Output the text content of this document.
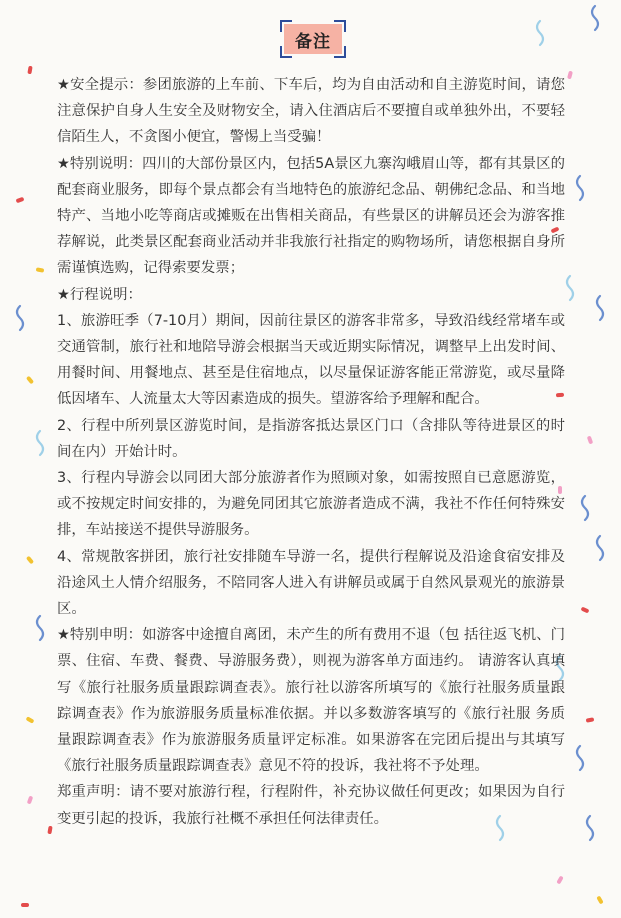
备注

★安全提示：参团旅游的上车前、下车后，均为自由活动和自主游览时间，请您注意保护自身人生安全及财物安全，请入住酒店后不要擅自或单独外出，不要轻信陌生人，不贪图小便宜，警惕上当受骗！

★特别说明：四川的大部份景区内，包括5A景区九寨沟峨眉山等，都有其景区的配套商业服务，即每个景点都会有当地特色的旅游纪念品、朝佛纪念品、和当地特产、当地小吃等商店或摊贩在出售相关商品，有些景区的讲解员还会为游客推荐解说，此类景区配套商业活动并非我旅行社指定的购物场所，请您根据自身所需谨慎选购，记得索要发票；

★行程说明：

1、旅游旺季（7-10月）期间，因前往景区的游客非常多，导致沿线经常堵车或交通管制，旅行社和地陪导游会根据当天或近期实际情况，调整早上出发时间、用餐时间、用餐地点、甚至是住宿地点，以尽量保证游客能正常游览，或尽量降低因堵车、人流量太大等因素造成的损失。望游客给予理解和配合。

2、行程中所列景区游览时间，是指游客抵达景区门口（含排队等待进景区的时间在内）开始计时。

3、行程内导游会以同团大部分旅游者作为照顾对象，如需按照自已意愿游览，或不按规定时间安排的，为避免同团其它旅游者造成不满，我社不作任何特殊安排，车站接送不提供导游服务。

4、常规散客拼团，旅行社安排随车导游一名，提供行程解说及沿途食宿安排及沿途风土人情介绍服务，不陪同客人进入有讲解员或属于自然风景观光的旅游景区。

★特别申明：如游客中途擅自离团，未产生的所有费用不退（包 括往返飞机、门票、住宿、车费、餐费、导游服务费），则视为游客单方面违约。 请游客认真填写《旅行社服务质量跟踪调查表》。旅行社以游客所填写的《旅行社服务质量跟踪调查表》作为旅游服务质量标准依据。并以多数游客填写的《旅行社服 务质量跟踪调查表》作为旅游服务质量评定标准。如果游客在完团后提出与其填写《旅行社服务质量跟踪调查表》意见不符的投诉，我社将不予处理。

郑重声明：请不要对旅游行程，行程附件，补充协议做任何更改；如果因为自行变更引起的投诉，我旅行社概不承担任何法律责任。
